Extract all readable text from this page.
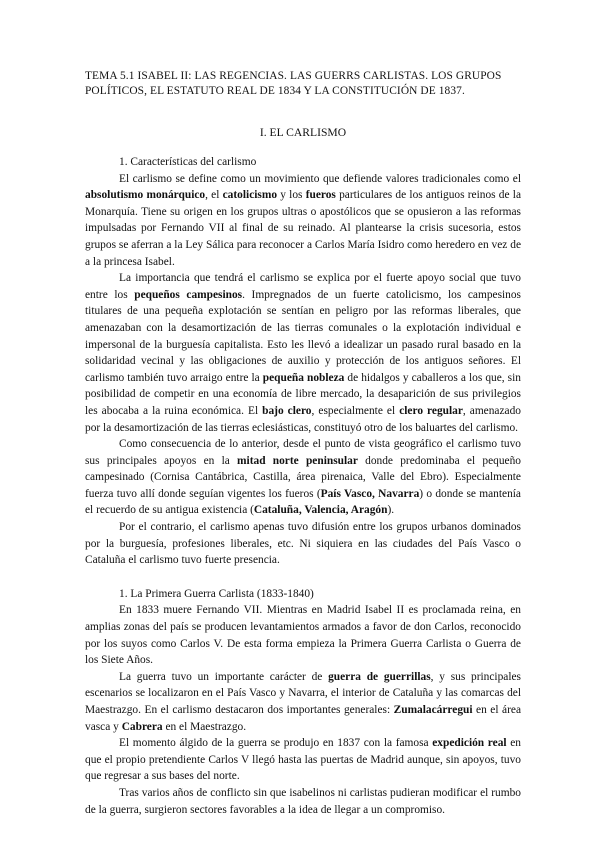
TEMA 5.1 ISABEL II: LAS REGENCIAS. LAS GUERRS CARLISTAS. LOS GRUPOS POLÍTICOS, EL ESTATUTO REAL DE 1834 Y LA CONSTITUCIÓN DE 1837.
I. EL CARLISMO
1. Características del carlismo

El carlismo se define como un movimiento que defiende valores tradicionales como el absolutismo monárquico, el catolicismo y los fueros particulares de los antiguos reinos de la Monarquía. Tiene su origen en los grupos ultras o apostólicos que se opusieron a las reformas impulsadas por Fernando VII al final de su reinado. Al plantearse la crisis sucesoria, estos grupos se aferran a la Ley Sálica para reconocer a Carlos María Isidro como heredero en vez de a la princesa Isabel.

La importancia que tendrá el carlismo se explica por el fuerte apoyo social que tuvo entre los pequeños campesinos. Impregnados de un fuerte catolicismo, los campesinos titulares de una pequeña explotación se sentían en peligro por las reformas liberales, que amenazaban con la desamortización de las tierras comunales o la explotación individual e impersonal de la burguesía capitalista. Esto les llevó a idealizar un pasado rural basado en la solidaridad vecinal y las obligaciones de auxilio y protección de los antiguos señores. El carlismo también tuvo arraigo entre la pequeña nobleza de hidalgos y caballeros a los que, sin posibilidad de competir en una economía de libre mercado, la desaparición de sus privilegios les abocaba a la ruina económica. El bajo clero, especialmente el clero regular, amenazado por la desamortización de las tierras eclesiásticas, constituyó otro de los baluartes del carlismo.

Como consecuencia de lo anterior, desde el punto de vista geográfico el carlismo tuvo sus principales apoyos en la mitad norte peninsular donde predominaba el pequeño campesinado (Cornisa Cantábrica, Castilla, área pirenaica, Valle del Ebro). Especialmente fuerza tuvo allí donde seguían vigentes los fueros (País Vasco, Navarra) o donde se mantenía el recuerdo de su antigua existencia (Cataluña, Valencia, Aragón).

Por el contrario, el carlismo apenas tuvo difusión entre los grupos urbanos dominados por la burguesía, profesiones liberales, etc. Ni siquiera en las ciudades del País Vasco o Cataluña el carlismo tuvo fuerte presencia.

1. La Primera Guerra Carlista (1833-1840)

En 1833 muere Fernando VII. Mientras en Madrid Isabel II es proclamada reina, en amplias zonas del país se producen levantamientos armados a favor de don Carlos, reconocido por los suyos como Carlos V. De esta forma empieza la Primera Guerra Carlista o Guerra de los Siete Años.

La guerra tuvo un importante carácter de guerra de guerrillas, y sus principales escenarios se localizaron en el País Vasco y Navarra, el interior de Cataluña y las comarcas del Maestrazgo. En el carlismo destacaron dos importantes generales: Zumalacárregui en el área vasca y Cabrera en el Maestrazgo.

El momento álgido de la guerra se produjo en 1837 con la famosa expedición real en que el propio pretendiente Carlos V llegó hasta las puertas de Madrid aunque, sin apoyos, tuvo que regresar a sus bases del norte.

Tras varios años de conflicto sin que isabelinos ni carlistas pudieran modificar el rumbo de la guerra, surgieron sectores favorables a la idea de llegar a un compromiso.
